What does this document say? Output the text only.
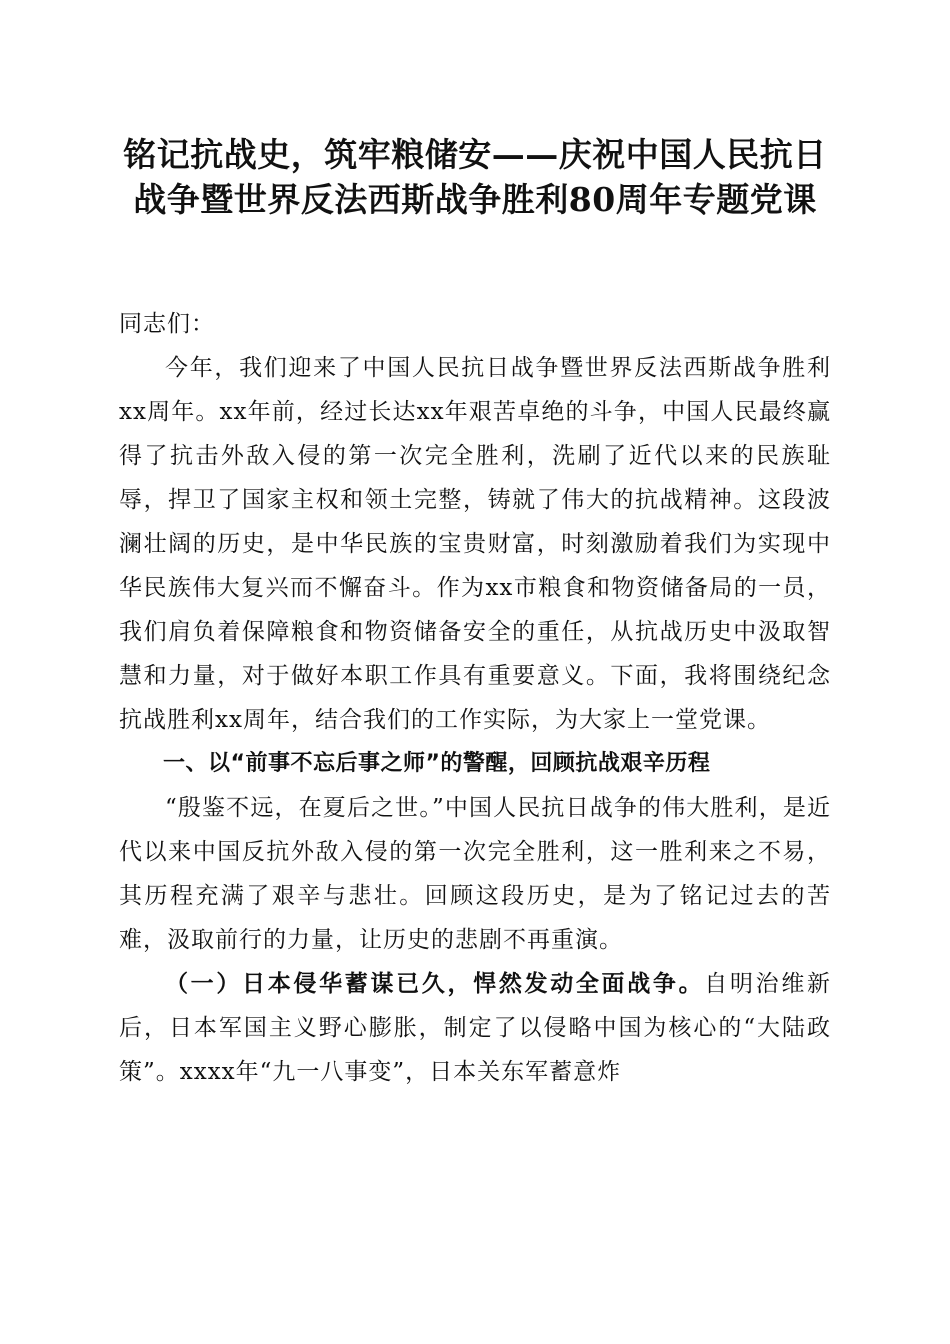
铭记抗战史，筑牢粮储安——庆祝中国人民抗日战争暨世界反法西斯战争胜利80周年专题党课

同志们：

今年，我们迎来了中国人民抗日战争暨世界反法西斯战争胜利xx周年。xx年前，经过长达xx年艰苦卓绝的斗争，中国人民最终赢得了抗击外敌入侵的第一次完全胜利，洗刷了近代以来的民族耻辱，捍卫了国家主权和领土完整，铸就了伟大的抗战精神。这段波澜壮阔的历史，是中华民族的宝贵财富，时刻激励着我们为实现中华民族伟大复兴而不懈奋斗。作为xx市粮食和物资储备局的一员，我们肩负着保障粮食和物资储备安全的重任，从抗战历史中汲取智慧和力量，对于做好本职工作具有重要意义。下面，我将围绕纪念抗战胜利xx周年，结合我们的工作实际，为大家上一堂党课。

一、以“前事不忘后事之师”的警醒，回顾抗战艰辛历程

“殷鉴不远，在夏后之世。”中国人民抗日战争的伟大胜利，是近代以来中国反抗外敌入侵的第一次完全胜利，这一胜利来之不易，其历程充满了艰辛与悲壮。回顾这段历史，是为了铭记过去的苦难，汲取前行的力量，让历史的悲剧不再重演。

（一）日本侵华蓄谋已久，悍然发动全面战争。自明治维新后，日本军国主义野心膨胀，制定了以侵略中国为核心的“大陆政策”。xxxx年“九一八事变”，日本关东军蓄意炸
